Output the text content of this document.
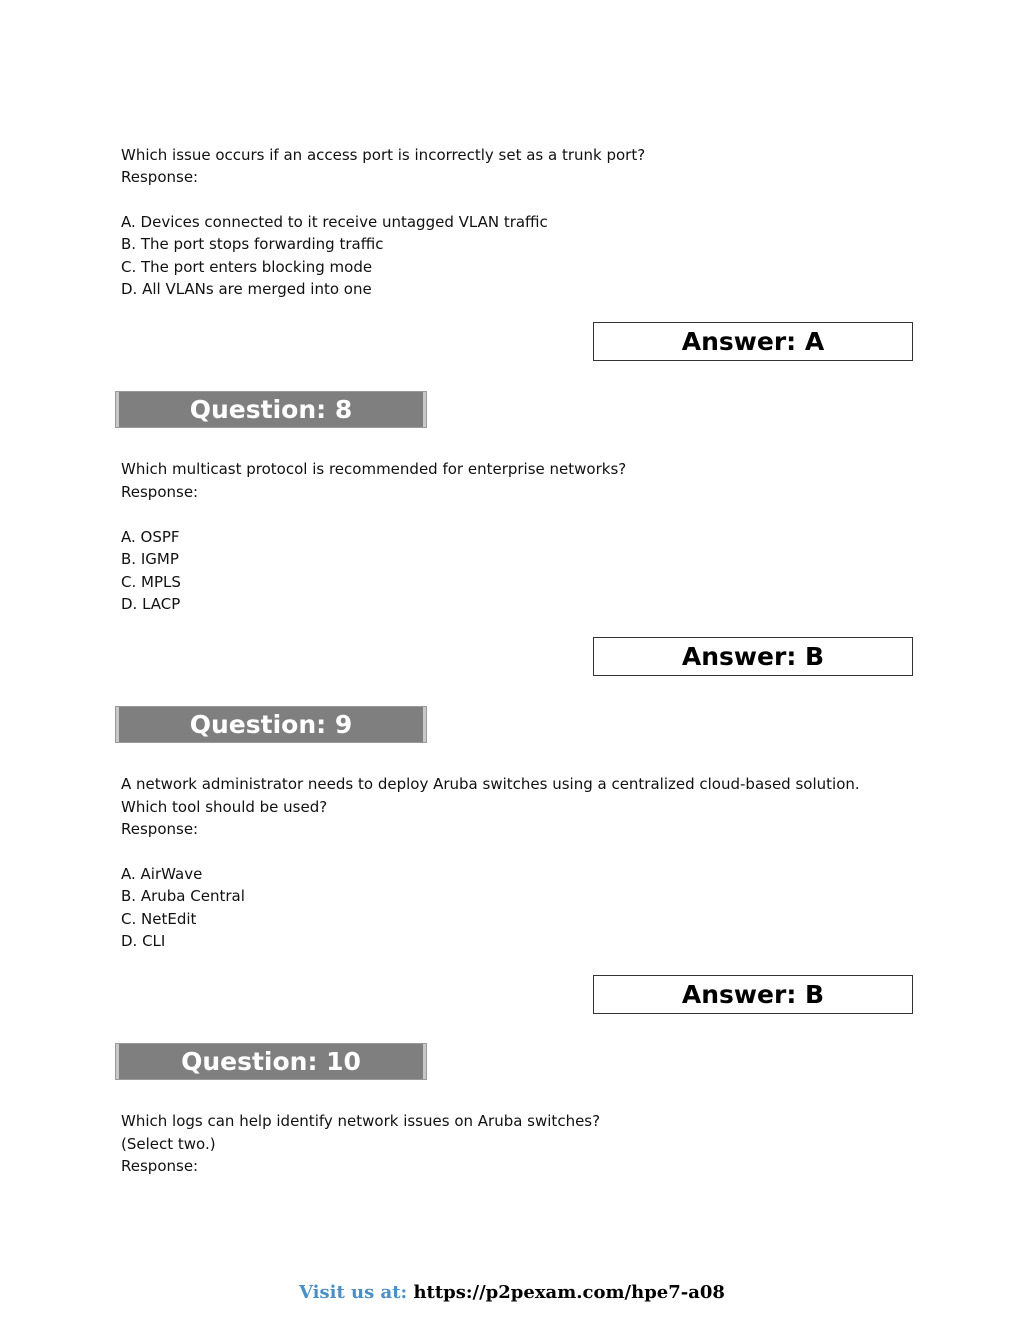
Which issue occurs if an access port is incorrectly set as a trunk port?
Response:
A. Devices connected to it receive untagged VLAN traffic
B. The port stops forwarding traffic
C. The port enters blocking mode
D. All VLANs are merged into one
Answer: A
Question: 8
Which multicast protocol is recommended for enterprise networks?
Response:
A. OSPF
B. IGMP
C. MPLS
D. LACP
Answer: B
Question: 9
A network administrator needs to deploy Aruba switches using a centralized cloud-based solution.
Which tool should be used?
Response:
A. AirWave
B. Aruba Central
C. NetEdit
D. CLI
Answer: B
Question: 10
Which logs can help identify network issues on Aruba switches?
(Select two.)
Response:
Visit us at: https://p2pexam.com/hpe7-a08
